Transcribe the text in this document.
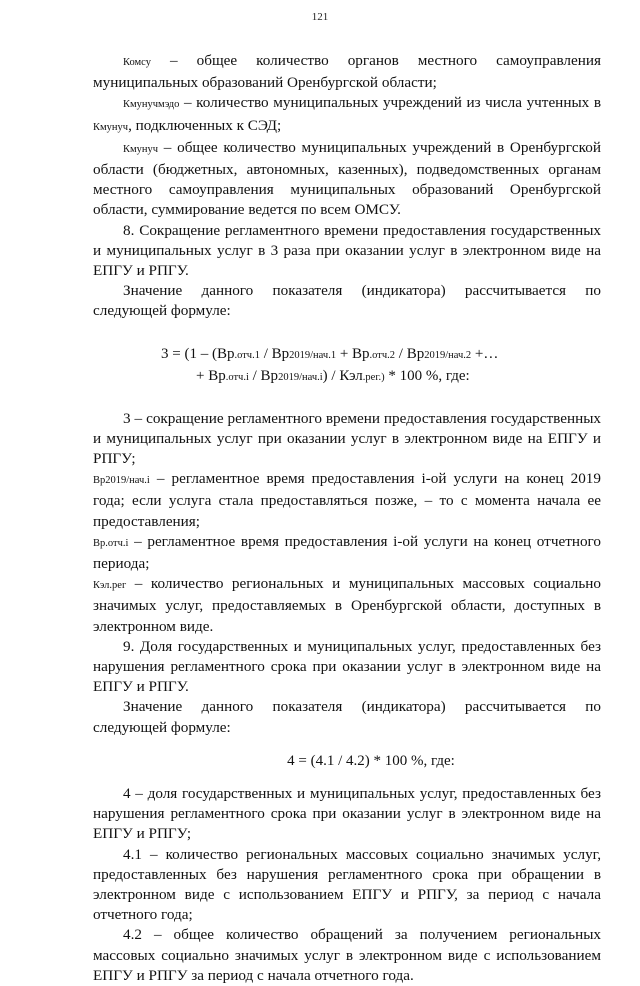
121

Комсу – общее количество органов местного самоуправления муниципальных образований Оренбургской области;

Кмунучмэдо – количество муниципальных учреждений из числа учтенных в Кмунуч, подключенных к СЭД;

Кмунуч – общее количество муниципальных учреждений в Оренбургской области (бюджетных, автономных, казенных), подведомственных органам местного самоуправления муниципальных образований Оренбургской области, суммирование ведется по всем ОМСУ.

8. Сокращение регламентного времени предоставления государственных и муниципальных услуг в 3 раза при оказании услуг в электронном виде на ЕПГУ и РПГУ.

Значение данного показателя (индикатора) рассчитывается по следующей формуле:

3 = (1 – (Вр.отч.1 / Вр2019/нач.1 + Вр.отч.2 / Вр2019/нач.2 +…
+ Вр.отч.i / Вр2019/нач.i) / Кэл.рег.) * 100 %, где:

3 – сокращение регламентного времени предоставления государственных и муниципальных услуг при оказании услуг в электронном виде на ЕПГУ и РПГУ;

Вр2019/нач.i – регламентное время предоставления i-ой услуги на конец 2019 года; если услуга стала предоставляться позже, – то с момента начала ее предоставления;

Вр.отч.i – регламентное время предоставления i-ой услуги на конец отчетного периода;

Кэл.рег – количество региональных и муниципальных массовых социально значимых услуг, предоставляемых в Оренбургской области, доступных в электронном виде.

9. Доля государственных и муниципальных услуг, предоставленных без нарушения регламентного срока при оказании услуг в электронном виде на ЕПГУ и РПГУ.

Значение данного показателя (индикатора) рассчитывается по следующей формуле:

4 = (4.1 / 4.2) * 100 %, где:

4 – доля государственных и муниципальных услуг, предоставленных без нарушения регламентного срока при оказании услуг в электронном виде на ЕПГУ и РПГУ;

4.1 – количество региональных массовых социально значимых услуг, предоставленных без нарушения регламентного срока при обращении в электронном виде с использованием ЕПГУ и РПГУ, за период с начала отчетного года;

4.2 – общее количество обращений за получением региональных массовых социально значимых услуг в электронном виде с использованием ЕПГУ и РПГУ за период с начала отчетного года.
